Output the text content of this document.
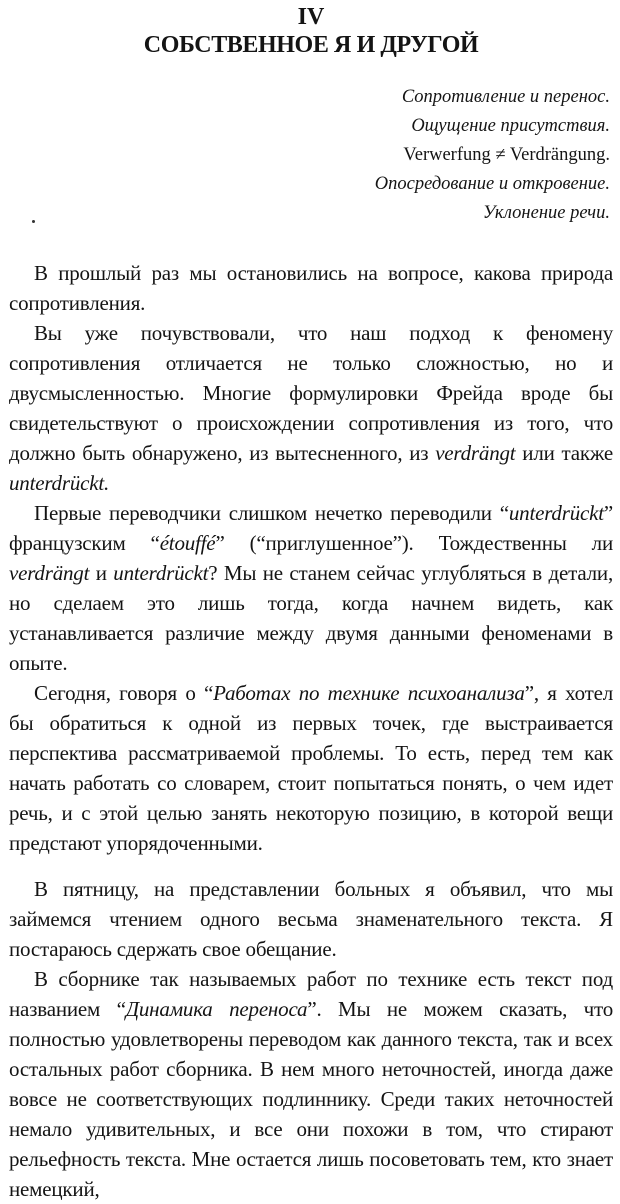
IV
СОБСТВЕННОЕ Я И ДРУГОЙ
Сопротивление и перенос.
Ощущение присутствия.
Verwerfung ≠ Verdrängung.
Опосредование и откровение.
Уклонение речи.

В прошлый раз мы остановились на вопросе, какова природа сопротивления.

Вы уже почувствовали, что наш подход к феномену сопротивления отличается не только сложностью, но и двусмысленностью. Многие формулировки Фрейда вроде бы свидетельствуют о происхождении сопротивления из того, что должно быть обнаружено, из вытесненного, из verdrängt или также unterdrückt.

Первые переводчики слишком нечетко переводили “unterdrückt” французским “étouffé” (“приглушенное”). Тождественны ли verdrängt и unterdrückt? Мы не станем сейчас углубляться в детали, но сделаем это лишь тогда, когда начнем видеть, как устанавливается различие между двумя данными феноменами в опыте.

Сегодня, говоря о “Работах по технике психоанализа”, я хотел бы обратиться к одной из первых точек, где выстраивается перспектива рассматриваемой проблемы. То есть, перед тем как начать работать со словарем, стоит попытаться понять, о чем идет речь, и с этой целью занять некоторую позицию, в которой вещи предстают упорядоченными.

В пятницу, на представлении больных я объявил, что мы займемся чтением одного весьма знаменательного текста. Я постараюсь сдержать свое обещание.

В сборнике так называемых работ по технике есть текст под названием “Динамика переноса”. Мы не можем сказать, что полностью удовлетворены переводом как данного текста, так и всех остальных работ сборника. В нем много неточностей, иногда даже вовсе не соответствующих подлиннику. Среди таких неточностей немало удивительных, и все они похожи в том, что стирают рельефность текста. Мне остается лишь посоветовать тем, кто знает немецкий,
